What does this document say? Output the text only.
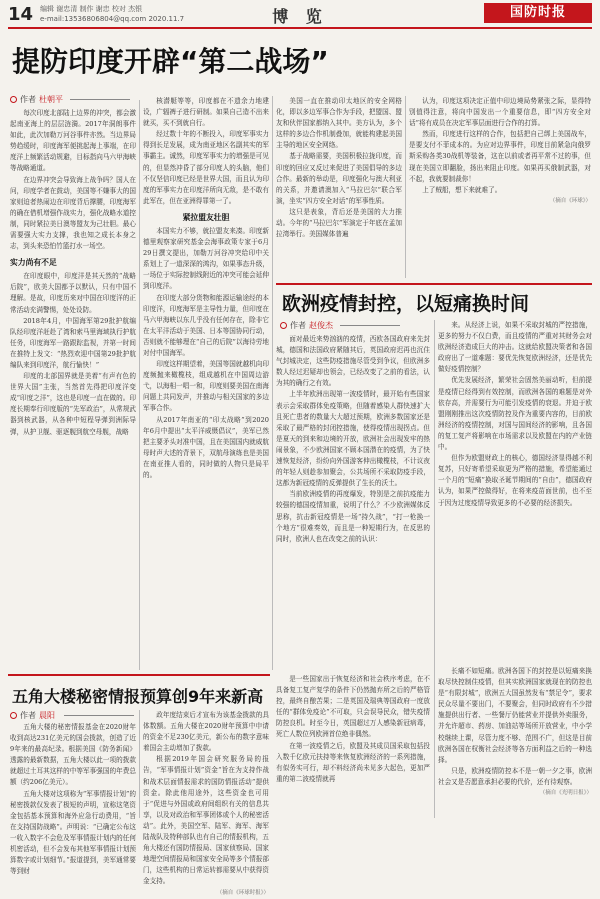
14 编辑 谢忠清 制作 谢忠 校对 杰银
e-mail:13536806804@qq.com 2020.11.7	博 览	国防时报
提防印度开辟“第二战场”
作者 杜朝平

每次印度北部陆上边界的冲突，都会激起南亚海上的层层涟漪。2017年洞朗事件如此，此次加勒万河谷事件亦然。当边界局势趋缓时，印度海军便挑起海上事端，在印度洋上频繁活动规避，目标指向马六甲海峡等战略通道。

在边界冲突会导致海上战争吗？国人在问，印度学者在鼓动，美国等不嫌事大的国家则迫者热闹边在印度背后撑腰，印度海军的确在借机增强作战实力，强化战略水道控制，同时紧拉美日澳等盟友为己壮胆。最心需要强大实力支撑，我也知之成长本身之志，到头来恐怕竹篮打水一场空。

实力尚有不足

在印度眼中，印度洋是其天然的“战略后院”，欧美大国都予以默认，只有中国不理解。是故，印度历来对中国在印度洋的正常活动充满警惕，处处设防。

2018年4月，中国海军第29批护航编队经印度洋赶赴了湾和索马里海域执行护航任务，印度海军一路跟踪监视，并第一时间在推特上发文：“热烈欢迎中国第29批护航编队来到印度洋，航行愉快！”

印度的北部国界就是美着“有声有色的世界大国”主张，当然首先得把印度洋变成“印度之洋”，这也是印度一直在做的。印度长期奉行印度版的“先军政治”，从常规武器到核武器，从各种中短程导弹到洲际导弹，从护卫舰、驱逐舰到航空母舰，战略

核潜艇等等，印度都在不遗余力地建设，广辐裤子进行研制。如果自己造不出来就买，买不到就自行。

经过数十年的不断投入，印度军事实力得到长足发展，成为南亚地区名副其实的军事霸主。诚然，印度军事实力的增强是可见的，但显然冲昏了部分印度人的头脑，他们不仅坚信印度已经是世界大国，而且认为印度的军事实力在印度洋所向无敌，是不敢有此军在，但在亚洲得罪第一了。

紧拉盟友壮胆

本国实力不够，就拉盟友来凑。印度新德里观察家研究基金会海事政策专家于6月29日撰文提出，加勒万河谷冲突给印中关系划上了一道深深的鸿沟，如果事态升级，一场位于实际控制线附近的冲突可能会延伸到印度洋。

在印度大部分货物和能源运输途经的本印度洋，印度海军是主导性力量，但印度在马六甲海峡以东几乎没有任何存在，除非它在太平洋活动于美国、日本等国协同行动，否则就不能够理在“自己的后院”以海待劳地对付中国海军。

印度这样期望着，美国等国就越机向印度频抛来橄榄枝，组成越机在中国周边游弋，以海相一唱一和，印度则要美国在南海问题上共同发声，并推动与相关国家的多边军事合作。

从2017年南亚的“印太战略”到2020年6月中提出“太平洋威慑倡议”，美军已然把主要矛头对准中国，且在美国国内就威航母时声大述的背景下，双航母演练也是美国在南亚推人看的，同时做的人物只是局平的。

美国一直在推动印太地区的安全网格化，即以多边军事合作为手段，把盟国、盟友和伙伴国家都纳入其中。美方认为，多个这样的多边合作机制叠加，就能构建起美国主导的地区安全网络。

基于战略需要，美国积极拉拢印度，而印度的回应又反过来促进了美国倡导的多边合作。最新的举动是，印度强化与澳大利亚的关系，并邀请澳加入“马拉巴尔”联合军演，坐实“四方安全对话”的军事性质。

这只是表象，背后还是美国的大力推动。今年的“马拉巴尔”军演定于年底在孟加拉湾举行。美国媒体普遍

认为，印度这项决定正值中印边境局势紧张之际，显得特别值得注意，将向中国发出一个重要信息，即“四方安全对话”将有成员在决定军事层面进行合作的打算。

然而，印度进行这样的合作，包括把自己绑上美国战车，是要支付不菲成本的。为应对边界事件，印度目前紧急向俄罗斯采购各类30战机等装备，这在以前或者再平常不过的事，但现在美国立即翻脸，扬出来阻止印度。如果再买俄制武器，对不起，我就要制裁你！

上了贼船，想下来就难了。

（摘自《环球》）

欧洲疫情封控，以短痛换时间
作者 赵俊杰

面对最近来势汹汹的疫情，西欧各国政府来先封城，德国和法国政府紧随其后，英国政府迟再也沉住气封城决定，这些防疫措施尽管受到争议，但欧洲多数人经过迟疑却也领会，已经改变了之前的看法，认为其的确行之有效。

上半年欧洲出现第一波疫情时，最开始有些国家表示会采取群体免疫策略，但随着感染人群快速扩大且死亡患者的数量大大超过预期，欧洲多数国家还是采取了最严格的封闭控措施，使得疫情出现拐点。但是夏天的到来和边境的开放，欧洲社会出现发牢的热闹景象，不少欧洲国家不顾本国潜在的疫情，为了快速恢复经济，纷纷向外国游客伸出橄榄枝，不计议夜的年轻人则趁参加聚会，公共场所不采取防疫手段，这都为新冠疫情的反弹提供了生长的沃土。

当前欧洲疫情的再度爆发，特别是之前抗疫能力较强的德国疫情加重，说明了什么？不少欧洲媒体反思称，抗击新冠疫情是一场“持久战”，“打一枪换一个地方”很难奏效，而且是一种短期行为，在反思的同时，欧洲人也在改变之前的认识：

是一些国家出于恢复经济和社会秩序考虑，在不具备复工复产复学的条件下仍然抛弃所之后的严格管控，最终自酿苦果；二是英国及瑞典等国政府一度放任的“群体免疫论”不可取，只会误导民众，错失疫情防控良机。时至今日，英国超过万人感染新冠病毒，死亡人数位列欧洲首位绝非偶然。

在第一波疫情之后，欧盟及其成员国采取包括投入数千亿欧元扶持等来恢复欧洲经济的一系列措施，有似务实可行，却不料经济尚未见多大起色，更加严重的第二波疫情就再

来。从经济上说，如果不采取封城的严控措施，更多的努力不仅白费，而且疫情的严重对其财务会对欧洲经济造成巨大的冲击。这就给欧盟决策者和各国政府出了一道难题：要优先恢复欧洲经济，还是优先做好疫情控制？

优先发展经济，繁荣社会固然美丽动听，但前提是疫情已经得到有效控制，而欧洲各国的难题是对外依存高，并需要行为可能引发疫情的衰退。并迫于欧盟刚刚推出这次疫情防控及作为重要内容的，目前欧洲经济的疫情控制，对国与国间经济的影响，且各国的复工复产将影响在市场需求以及欧盟在内的产业链中。

但作为欧盟财政上的核心，德国经济显得越不利复苏，只好寄希望采取更为严格的措施，希望能通过一个月的“短痛”换取圣诞节期间的“自由”，德国政府认为，如果严控做得好，在将来疫苗面世前，也不至于因为过度疫情导致更多的不必要的经济损失。

长痛不如短痛。欧洲各国下的封控是以短痛来换取尽快控制住疫情，但其实欧洲国家就现在的防控也是“有限封城”，欧洲五大国虽然发布“禁足令”，要求民众尽量不要出门，不要聚会，但同时政府有不少措施提供出行者、一些餐厅仍能营业并提供外卖服务，并允许超市、药房、加油站等场所开放营业，中小学校继续上课，尽管力度不够、范围不广，但这是目前欧洲各国在权衡社会经济等各方面利益之后的一种选择。

只是，欧洲疫情防控本不是一朝一夕之事，欧洲社会又是否愿意承担必要的代价，还有待观察。

（摘自《光明日报》）

五角大楼秘密情报预算创9年来新高
作者 晨阳

五角大楼的秘密情报基金在2020财年收到高达231亿美元的国会拨款，创造了近9年来的最高纪录。根据美国《防务新闻》透露的最新数据，五角大楼以此一项的拨款就超过土耳其这样的中等军事强国的年费总额（约206亿美元）。

五角大楼对这项称为“军事情报计划”的秘密拨款仅发表了极短的声明，宣称这笔资金包括基本预算和海外应急行动费用，“旨在支持国防战略”。声明说：“已确定公布这一收入数字不会危及军事情报计划内的任何机密活动，但不会发布其他军事情报计划预算数字或计划细节。”报道提到，美军通常要等到财

政年度结束后才宣布为该基金拨款的具体数额。五角大楼在2020财年预算中申请的资金不足230亿美元，新公布的数字意味着国会主动增加了拨款。

根据2019年国会研究服务局的报告，“军事情报计划”资金“旨在为支持作战和战术层面情报需求的国防情报活动”提供资金。除此他用途外，这些资金也可用于“促进与外国或政府间组织有关的信息共享，以及对政治和军事团体或个人的秘密活动”。此外，美国空军、陆军、海军、海军陆战队及特种部队也有自己的情报机构，五角大楼还有国防情报局、国家侦察局、国家地理空间情报局和国家安全局等多个情报部门，这些机构的日常运转都需要从中获得资金支持。

（摘自《环球时报》）
